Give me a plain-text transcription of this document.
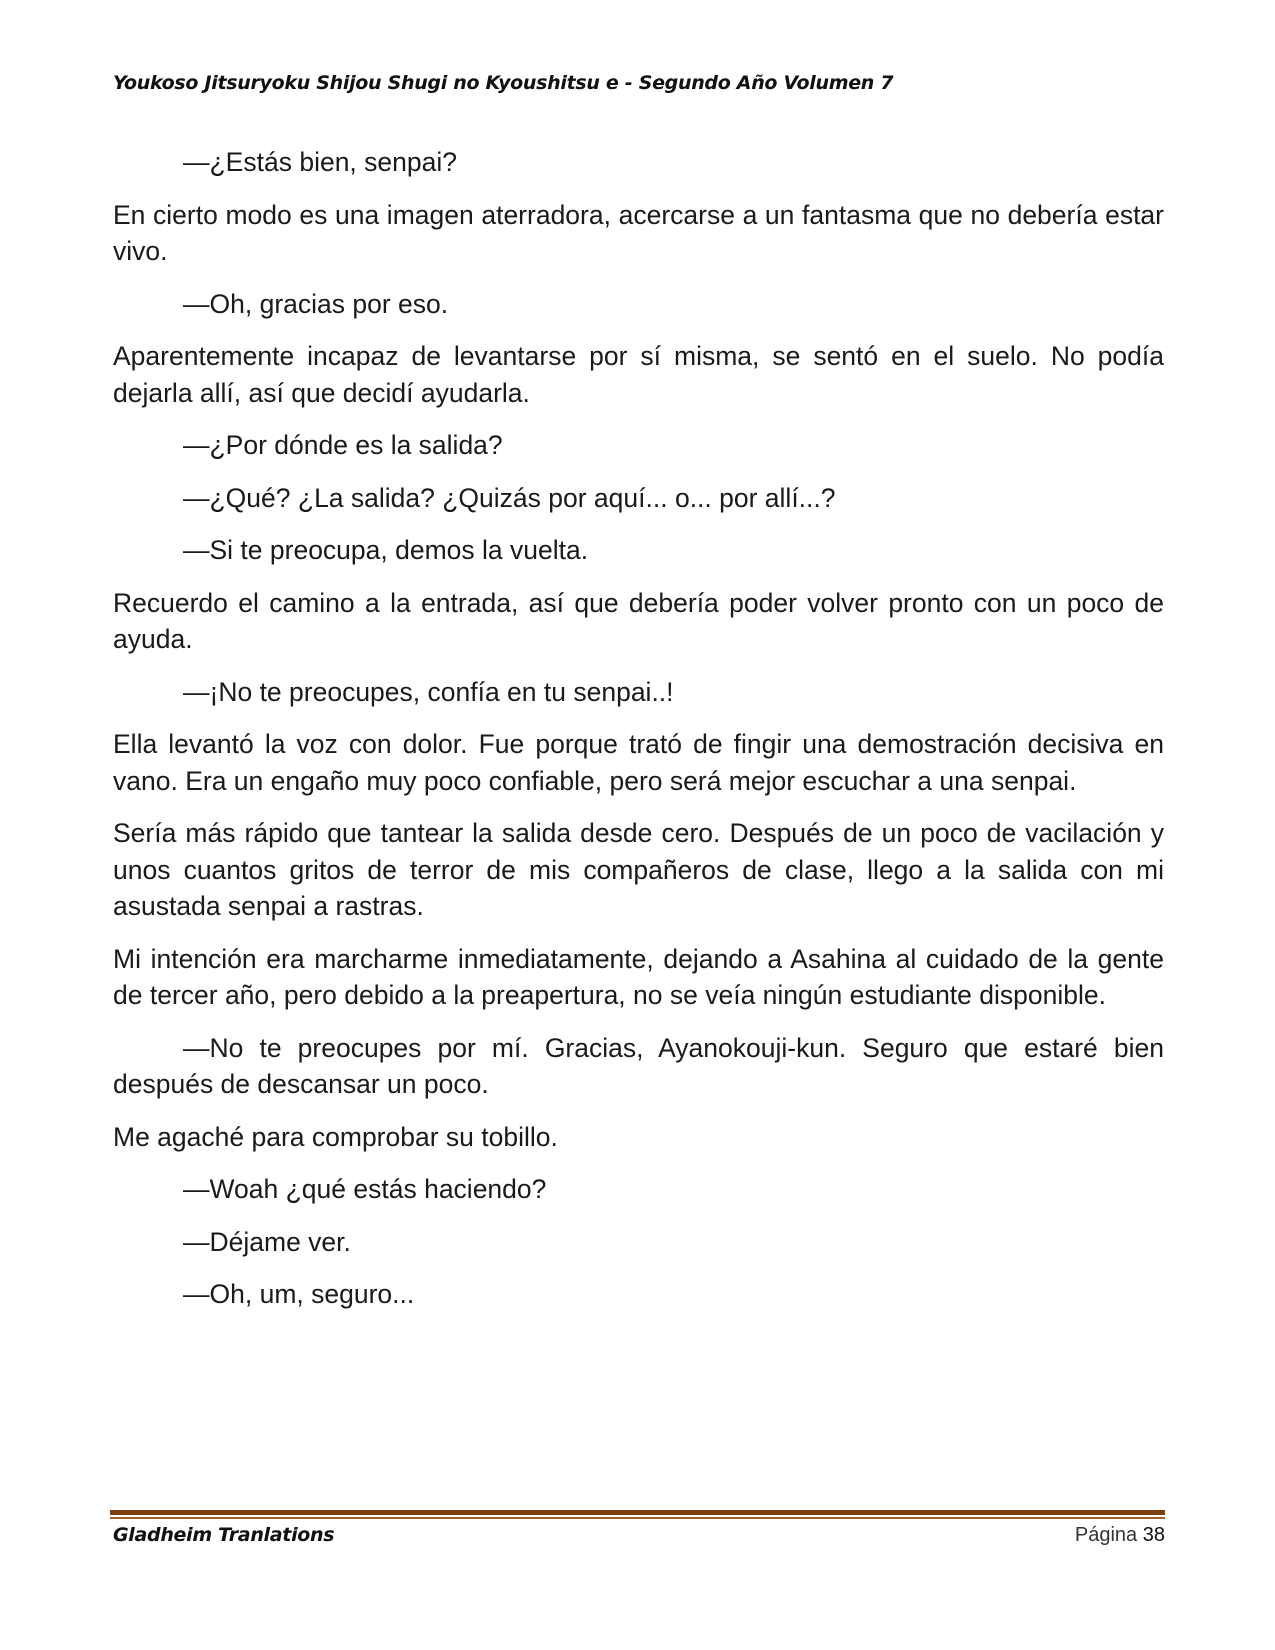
Youkoso Jitsuryoku Shijou Shugi no Kyoushitsu e - Segundo Año Volumen 7

—¿Estás bien, senpai?

En cierto modo es una imagen aterradora, acercarse a un fantasma que no debería estar vivo.

—Oh, gracias por eso.

Aparentemente incapaz de levantarse por sí misma, se sentó en el suelo. No podía dejarla allí, así que decidí ayudarla.

—¿Por dónde es la salida?

—¿Qué? ¿La salida? ¿Quizás por aquí... o... por allí...?

—Si te preocupa, demos la vuelta.

Recuerdo el camino a la entrada, así que debería poder volver pronto con un poco de ayuda.

—¡No te preocupes, confía en tu senpai..!

Ella levantó la voz con dolor. Fue porque trató de fingir una demostración decisiva en vano. Era un engaño muy poco confiable, pero será mejor escuchar a una senpai.

Sería más rápido que tantear la salida desde cero. Después de un poco de vacilación y unos cuantos gritos de terror de mis compañeros de clase, llego a la salida con mi asustada senpai a rastras.

Mi intención era marcharme inmediatamente, dejando a Asahina al cuidado de la gente de tercer año, pero debido a la preapertura, no se veía ningún estudiante disponible.

—No te preocupes por mí. Gracias, Ayanokouji-kun. Seguro que estaré bien después de descansar un poco.

Me agaché para comprobar su tobillo.

—Woah ¿qué estás haciendo?

—Déjame ver.

—Oh, um, seguro...

Gladheim Tranlations	Página 38
